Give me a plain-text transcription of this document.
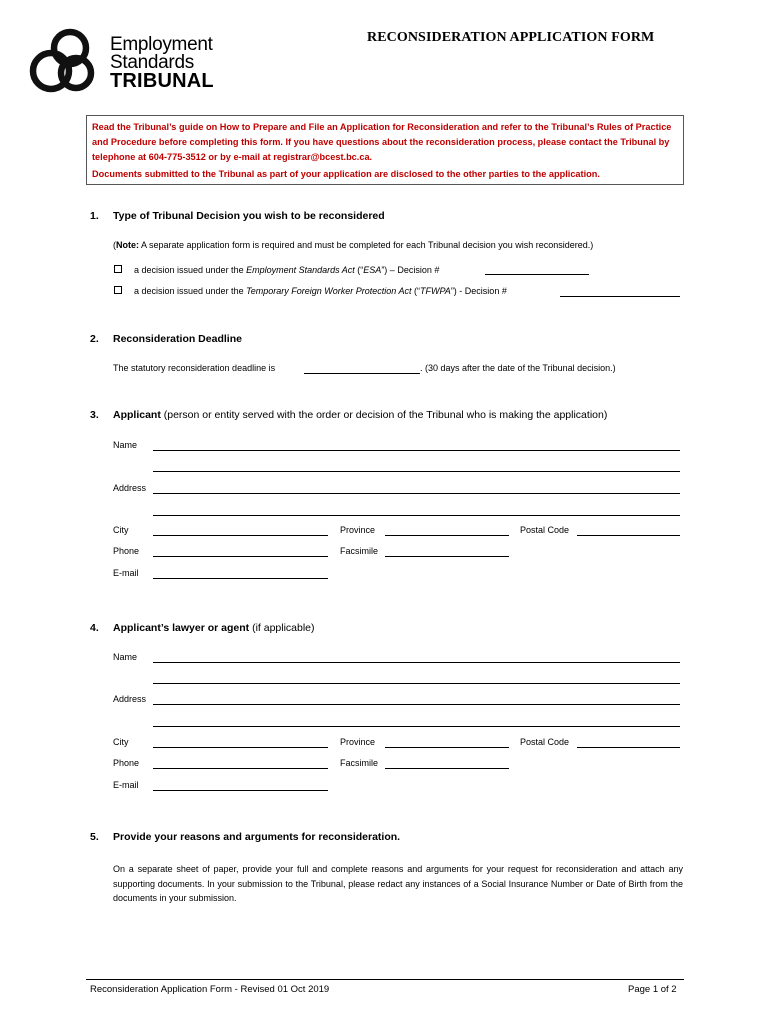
Employment
Standards
TRIBUNAL
RECONSIDERATION APPLICATION FORM

Read the Tribunal’s guide on How to Prepare and File an Application for Reconsideration and refer to the Tribunal’s Rules of Practice and Procedure before completing this form. If you have questions about the reconsideration process, please contact the Tribunal by telephone at 604-775-3512 or by e-mail at registrar@bcest.bc.ca.

Documents submitted to the Tribunal as part of your application are disclosed to the other parties to the application.

1. Type of Tribunal Decision you wish to be reconsidered
(Note: A separate application form is required and must be completed for each Tribunal decision you wish reconsidered.)
a decision issued under the Employment Standards Act (“ESA”) – Decision #
a decision issued under the Temporary Foreign Worker Protection Act (“TFWPA”) - Decision #
2. Reconsideration Deadline
The statutory reconsideration deadline is	. (30 days after the date of the Tribunal decision.)
3. Applicant (person or entity served with the order or decision of the Tribunal who is making the application)
Name
Address
City	Province	Postal Code
Phone	Facsimile
E-mail
4. Applicant’s lawyer or agent (if applicable)
Name
Address
City	Province	Postal Code
Phone	Facsimile
E-mail
5. Provide your reasons and arguments for reconsideration.
On a separate sheet of paper, provide your full and complete reasons and arguments for your request for reconsideration and attach any supporting documents. In your submission to the Tribunal, please redact any instances of a Social Insurance Number or Date of Birth from the documents in your submission.
Reconsideration Application Form - Revised 01 Oct 2019	Page 1 of 2
